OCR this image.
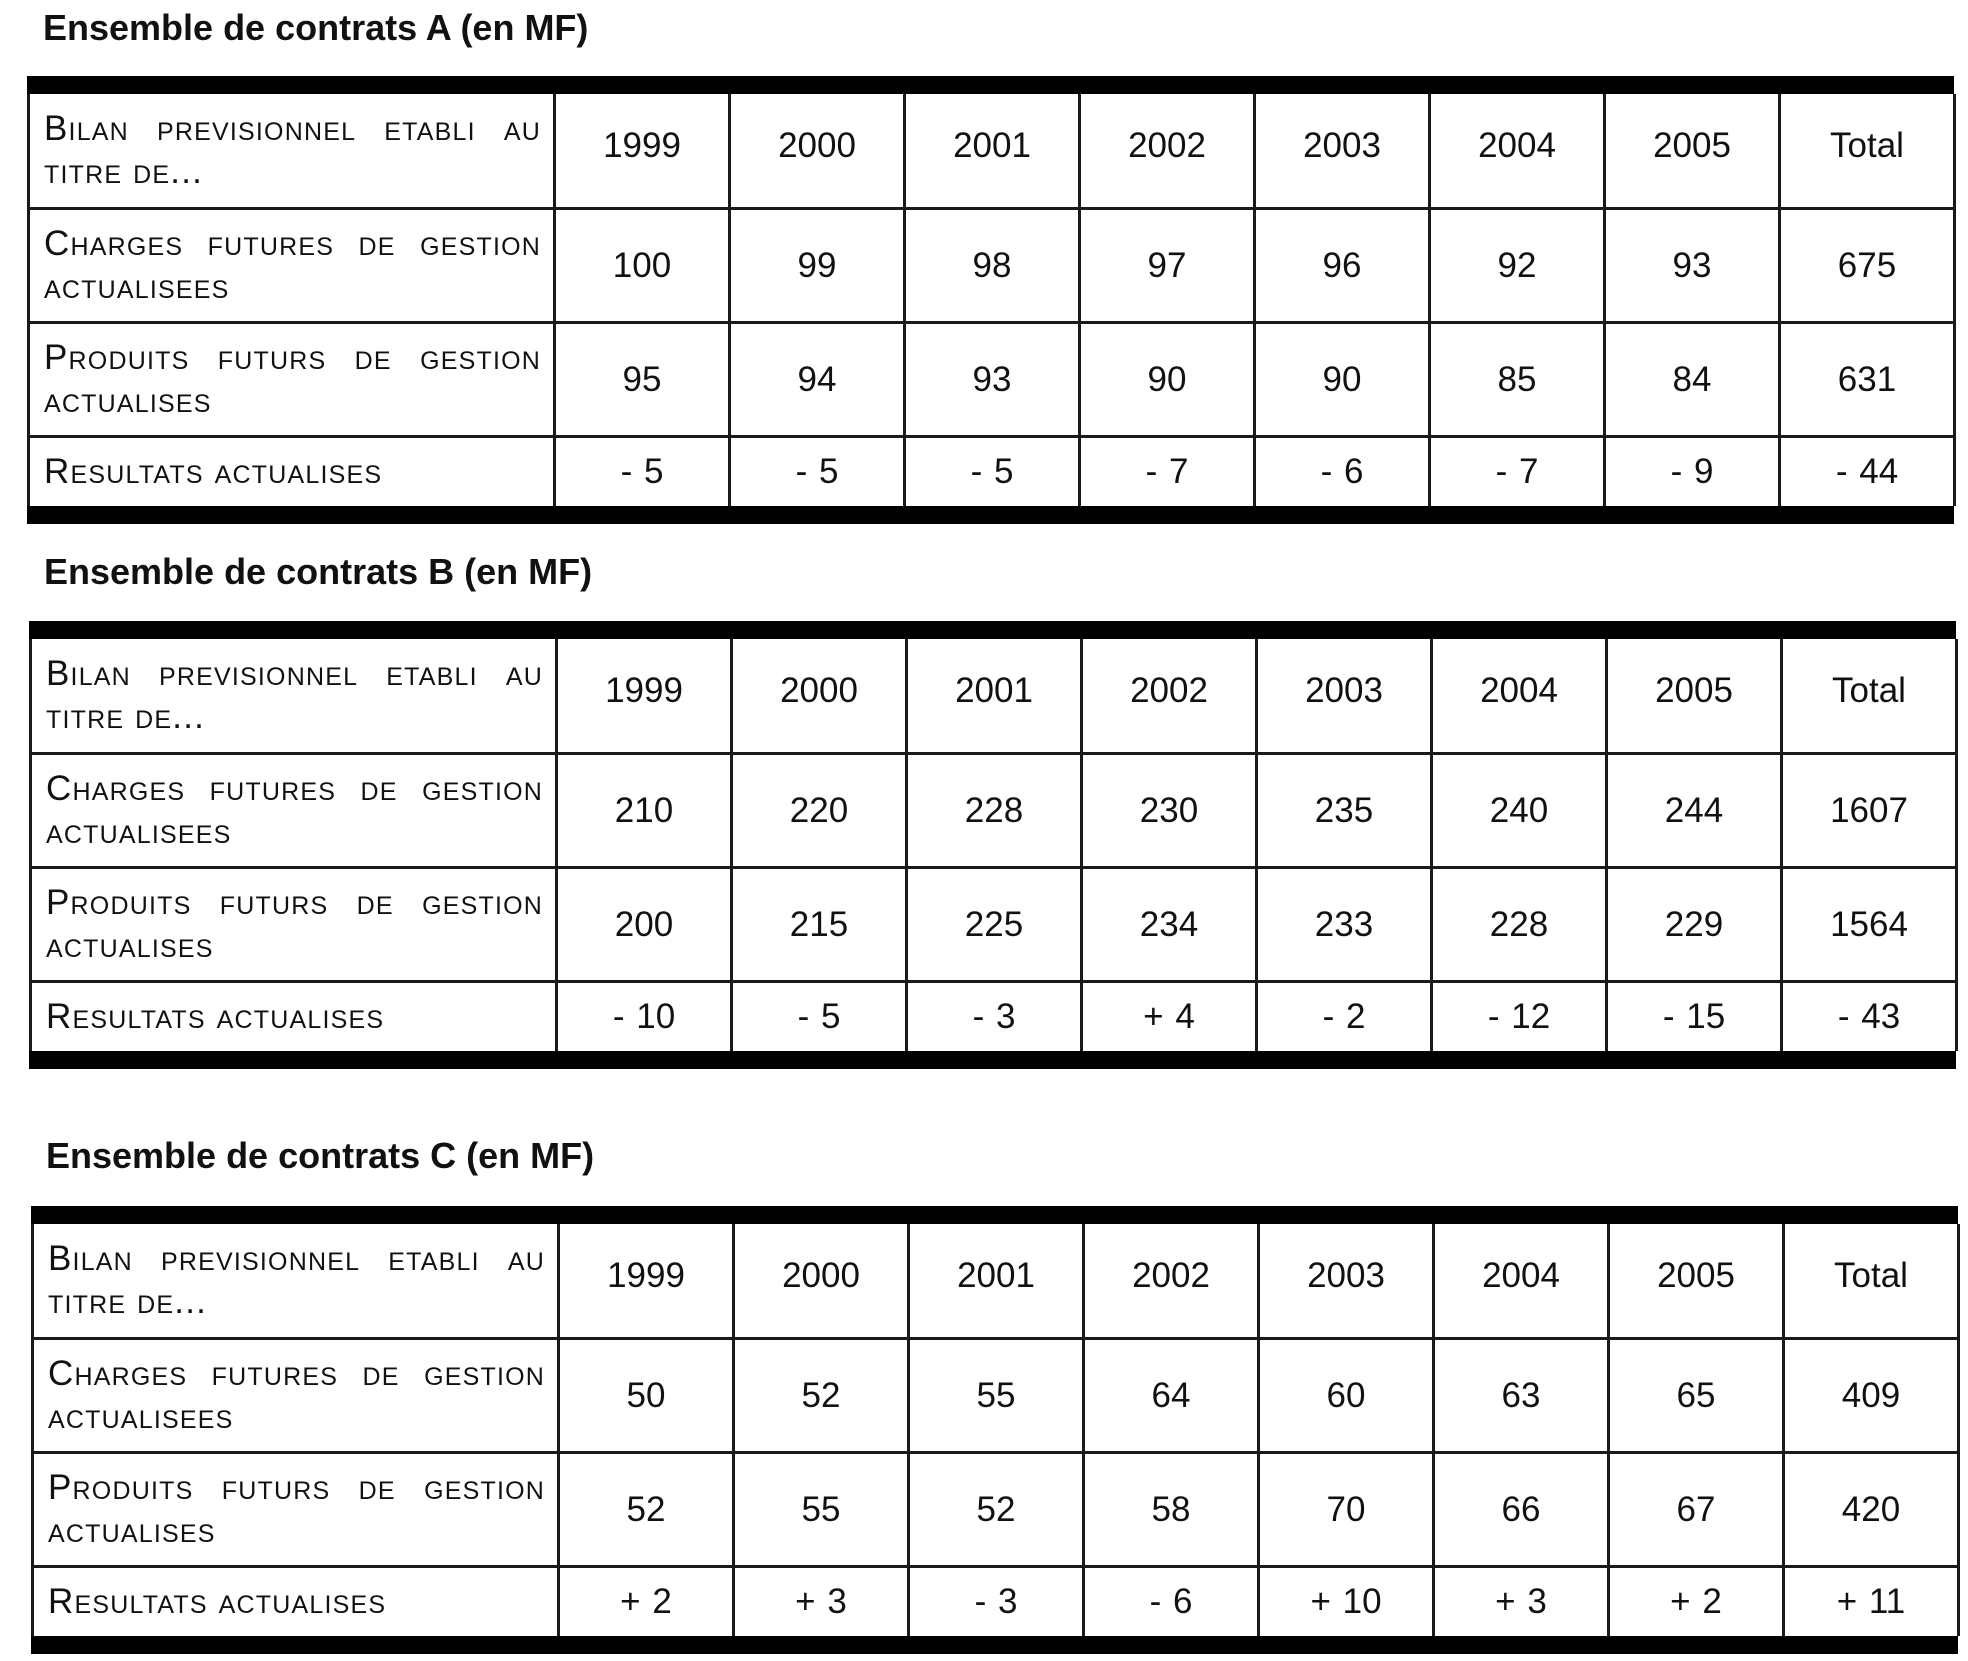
Ensemble de contrats A (en MF)
Bilan previsionnel etabli au titre de...	1999	2000	2001	2002	2003	2004	2005	Total
Charges futures de gestion actualisees	100	99	98	97	96	92	93	675
Produits futurs de gestion actualises	95	94	93	90	90	85	84	631
Resultats actualises	- 5	- 5	- 5	- 7	- 6	- 7	- 9	- 44
Ensemble de contrats B (en MF)
Bilan previsionnel etabli au titre de...	1999	2000	2001	2002	2003	2004	2005	Total
Charges futures de gestion actualisees	210	220	228	230	235	240	244	1607
Produits futurs de gestion actualises	200	215	225	234	233	228	229	1564
Resultats actualises	- 10	- 5	- 3	+ 4	- 2	- 12	- 15	- 43
Ensemble de contrats C (en MF)
Bilan previsionnel etabli au titre de...	1999	2000	2001	2002	2003	2004	2005	Total
Charges futures de gestion actualisees	50	52	55	64	60	63	65	409
Produits futurs de gestion actualises	52	55	52	58	70	66	67	420
Resultats actualises	+ 2	+ 3	- 3	- 6	+ 10	+ 3	+ 2	+ 11
